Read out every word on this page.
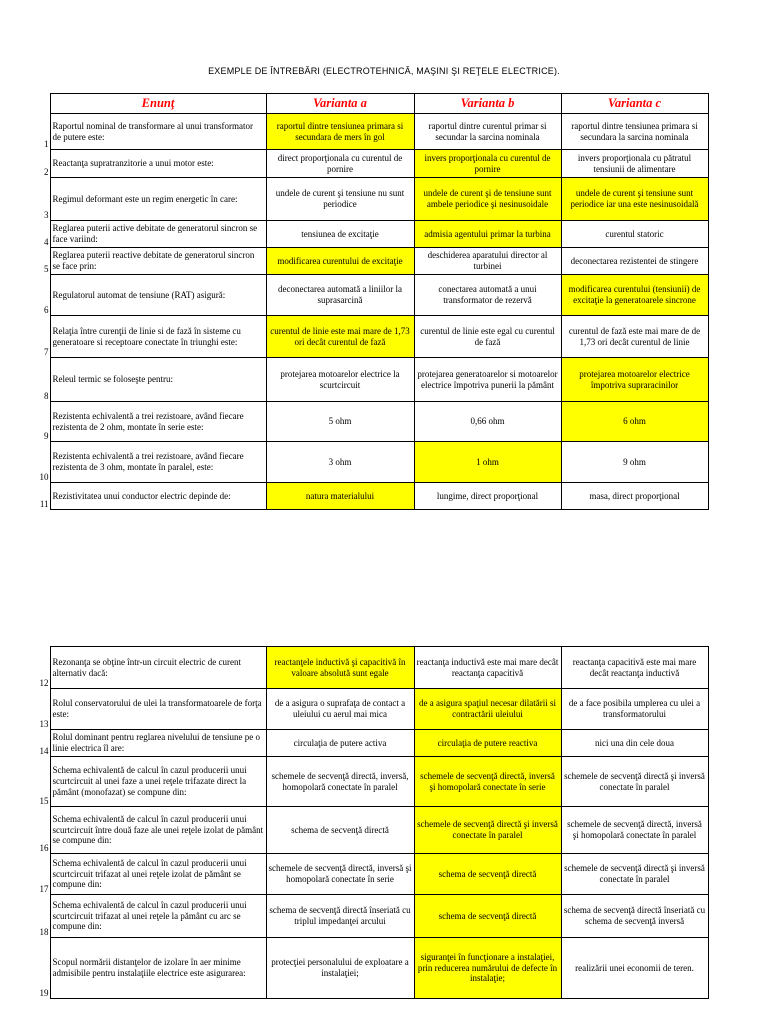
EXEMPLE DE ÎNTREBĂRI (ELECTROTEHNICĂ, MAŞINI ŞI REŢELE ELECTRICE).
	Enunţ	Varianta a	Varianta b	Varianta c
1	Raportul nominal de transformare al unui transformator de putere este:	raportul dintre tensiunea primara si secundara de mers în gol	raportul dintre curentul primar si secundar la sarcina nominala	raportul dintre tensiunea primara si secundara la sarcina nominala
2	Reactanţa supratranzitorie a unui motor este:	direct proporţionala cu curentul de pornire	invers proporţionala cu curentul de pornire	invers proporţionala cu pătratul tensiunii de alimentare
3	Regimul deformant este un regim energetic în care:	undele de curent şi tensiune nu sunt periodice	undele de curent şi de tensiune sunt ambele periodice şi nesinusoidale	undele de curent şi tensiune sunt periodice iar una este nesinusoidală
4	Reglarea puterii active debitate de generatorul sincron se face variind:	tensiunea de excitaţie	admisia agentului primar la turbina	curentul statoric
5	Reglarea puterii reactive debitate de generatorul sincron se face prin:	modificarea curentului de excitaţie	deschiderea aparatului director al turbinei	deconectarea rezistentei de stingere
6	Regulatorul automat de tensiune (RAT) asigură:	deconectarea automată a liniilor la suprasarcină	conectarea automată a unui transformator de rezervă	modificarea curentului (tensiunii) de excitaţie la generatoarele sincrone
7	Relaţia între curenţii de linie si de fază în sisteme cu generatoare si receptoare conectate în triunghi este:	curentul de linie este mai mare de 1,73 ori decât curentul de fază	curentul de linie este egal cu curentul de fază	curentul de fază este mai mare de de 1,73 ori decât curentul de linie
8	Releul termic se foloseşte pentru:	protejarea motoarelor electrice la scurtcircuit	protejarea generatoarelor si motoarelor electrice împotriva punerii la pământ	protejarea motoarelor electrice împotriva supraracinilor
9	Rezistenta echivalentă a trei rezistoare, având fiecare rezistenta de 2 ohm, montate în serie este:	5 ohm	0,66 ohm	6 ohm
10	Rezistenta echivalentă a trei rezistoare, având fiecare rezistenta de 3 ohm, montate în paralel, este:	3 ohm	1 ohm	9 ohm
11	Rezistivitatea unui conductor electric depinde de:	natura materialului	lungime, direct proporţional	masa, direct proporţional
12	Rezonanţa se obţine într-un circuit electric de curent alternativ dacă:	reactanţele inductivă şi capacitivă în valoare absolută sunt egale	reactanţa inductivă este mai mare decât reactanţa capacitivă	reactanţa capacitivă este mai mare decât reactanţa inductivă
13	Rolul conservatorului de ulei la transformatoarele de forţa este:	de a asigura o suprafaţa de contact a uleiului cu aerul mai mica	de a asigura spaţiul necesar dilatării si contractării uleiului	de a face posibila umplerea cu ulei a transformatorului
14	Rolul dominant pentru reglarea nivelului de tensiune pe o linie electrica îl are:	circulaţia de putere activa	circulaţia de putere reactiva	nici una din cele doua
15	Schema echivalentă de calcul în cazul producerii unui scurtcircuit al unei faze a unei reţele trifazate direct la pământ (monofazat) se compune din:	schemele de secvenţă directă, inversă, homopolară conectate în paralel	schemele de secvenţă directă, inversă şi homopolară conectate în serie	schemele de secvenţă directă şi inversă conectate în paralel
16	Schema echivalentă de calcul în cazul producerii unui scurtcircuit între două faze ale unei reţele izolat de pământ se compune din:	schema de secvenţă directă	schemele de secvenţă directă şi inversă conectate în paralel	schemele de secvenţă directă, inversă şi homopolară conectate în paralel
17	Schema echivalentă de calcul în cazul producerii unui scurtcircuit trifazat al unei reţele izolat de pământ se compune din:	schemele de secvenţă directă, inversă şi homopolară conectate în serie	schema de secvenţă directă	schemele de secvenţă directă şi inversă conectate în paralel
18	Schema echivalentă de calcul în cazul producerii unui scurtcircuit trifazat al unei reţele la pământ cu arc se compune din:	schema de secvenţă directă înseriată cu triplul impedanţei arcului	schema de secvenţă directă	schema de secvenţă directă înseriată cu schema de secvenţă inversă
19	Scopul normării distanţelor de izolare în aer minime admisibile pentru instalaţiile electrice este asigurarea:	protecţiei personalului de exploatare a instalaţiei;	siguranţei în funcţionare a instalaţiei, prin reducerea numărului de defecte în instalaţie;	realizării unei economii de teren.
